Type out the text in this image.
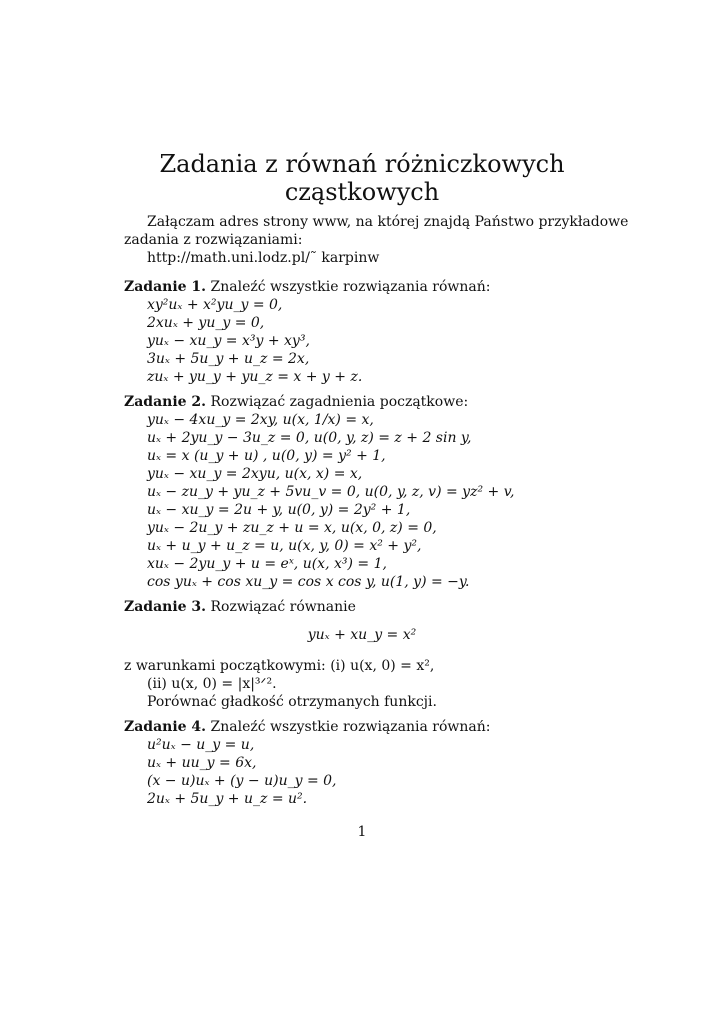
Zadania z równań różniczkowych
cząstkowych
Załączam adres strony www, na której znajdą Państwo przykładowe
zadania z rozwiązaniami:
http://math.uni.lodz.pl/˜ karpinw
Zadanie 1. Znaleźć wszystkie rozwiązania równań:
xy²uₓ + x²yu_y = 0,
2xuₓ + yu_y = 0,
yuₓ − xu_y = x³y + xy³,
3uₓ + 5u_y + u_z = 2x,
zuₓ + yu_y + yu_z = x + y + z.
Zadanie 2. Rozwiązać zagadnienia początkowe:
yuₓ − 4xu_y = 2xy, u(x, 1/x) = x,
uₓ + 2yu_y − 3u_z = 0, u(0, y, z) = z + 2 sin y,
uₓ = x (u_y + u) , u(0, y) = y² + 1,
yuₓ − xu_y = 2xyu, u(x, x) = x,
uₓ − zu_y + yu_z + 5vu_v = 0, u(0, y, z, v) = yz² + v,
uₓ − xu_y = 2u + y, u(0, y) = 2y² + 1,
yuₓ − 2u_y + zu_z + u = x, u(x, 0, z) = 0,
uₓ + u_y + u_z = u, u(x, y, 0) = x² + y²,
xuₓ − 2yu_y + u = eˣ, u(x, x³) = 1,
cos yuₓ + cos xu_y = cos x cos y, u(1, y) = −y.
Zadanie 3. Rozwiązać równanie
yuₓ + xu_y = x²
z warunkami początkowymi: (i) u(x, 0) = x²,
(ii) u(x, 0) = |x|³ᐟ².
Porównać gładkość otrzymanych funkcji.
Zadanie 4. Znaleźć wszystkie rozwiązania równań:
u²uₓ − u_y = u,
uₓ + uu_y = 6x,
(x − u)uₓ + (y − u)u_y = 0,
2uₓ + 5u_y + u_z = u².
1
